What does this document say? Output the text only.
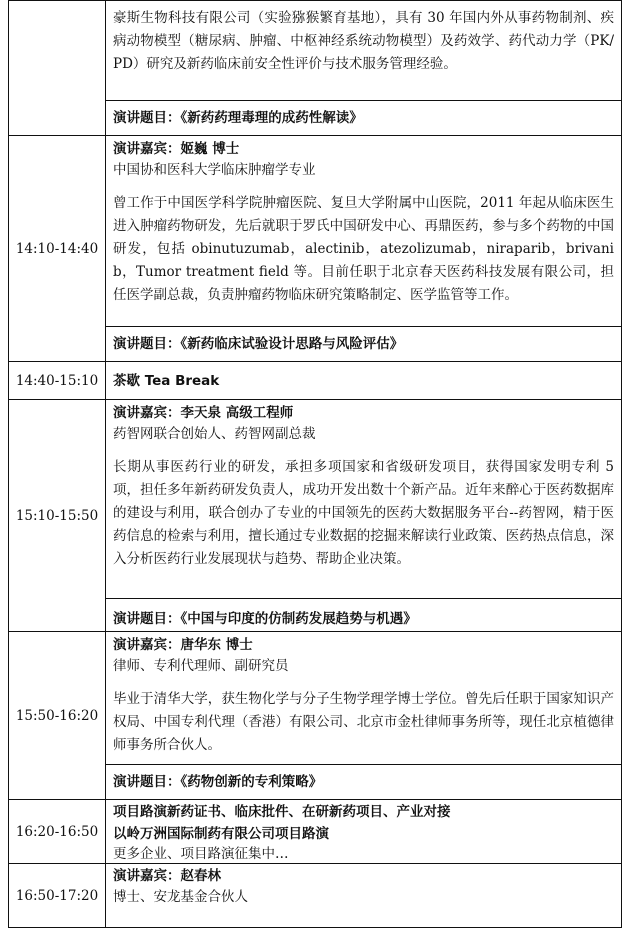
	豪斯生物科技有限公司（实验猕猴繁育基地），具有 30 年国内外从事药物制剂、疾病动物模型（糖尿病、肿瘤、中枢神经系统动物模型）及药效学、药代动力学（PK/PD）研究及新药临床前安全性评价与技术服务管理经验。

	演讲题目：《新药药理毒理的成药性解读》

14:10-14:40	演讲嘉宾：姬巍 博士

中国协和医科大学临床肿瘤学专业

曾工作于中国医学科学院肿瘤医院、复旦大学附属中山医院，2011 年起从临床医生进入肿瘤药物研发，先后就职于罗氏中国研发中心、再鼎医药，参与多个药物的中国研发，包括 obinutuzumab，alectinib，atezolizumab，niraparib，brivanib，Tumor treatment field 等。目前任职于北京春天医药科技发展有限公司，担任医学副总裁，负责肿瘤药物临床研究策略制定、医学监管等工作。

	演讲题目：《新药临床试验设计思路与风险评估》

14:40-15:10	茶歇 Tea Break

15:10-15:50	演讲嘉宾：李天泉 高级工程师

药智网联合创始人、药智网副总裁

长期从事医药行业的研发，承担多项国家和省级研发项目，获得国家发明专利 5 项，担任多年新药研发负责人，成功开发出数十个新产品。近年来醉心于医药数据库的建设与利用，联合创办了专业的中国领先的医药大数据服务平台--药智网，精于医药信息的检索与利用，擅长通过专业数据的挖掘来解读行业政策、医药热点信息，深入分析医药行业发展现状与趋势、帮助企业决策。

	演讲题目：《中国与印度的仿制药发展趋势与机遇》

15:50-16:20	演讲嘉宾：唐华东 博士

律师、专利代理师、副研究员

毕业于清华大学，获生物化学与分子生物学理学博士学位。曾先后任职于国家知识产权局、中国专利代理（香港）有限公司、北京市金杜律师事务所等，现任北京植德律师事务所合伙人。

	演讲题目：《药物创新的专利策略》

16:20-16:50	项目路演新药证书、临床批件、在研新药项目、产业对接

以岭万洲国际制药有限公司项目路演

更多企业、项目路演征集中…

16:50-17:20	演讲嘉宾：赵春林

博士、安龙基金合伙人
